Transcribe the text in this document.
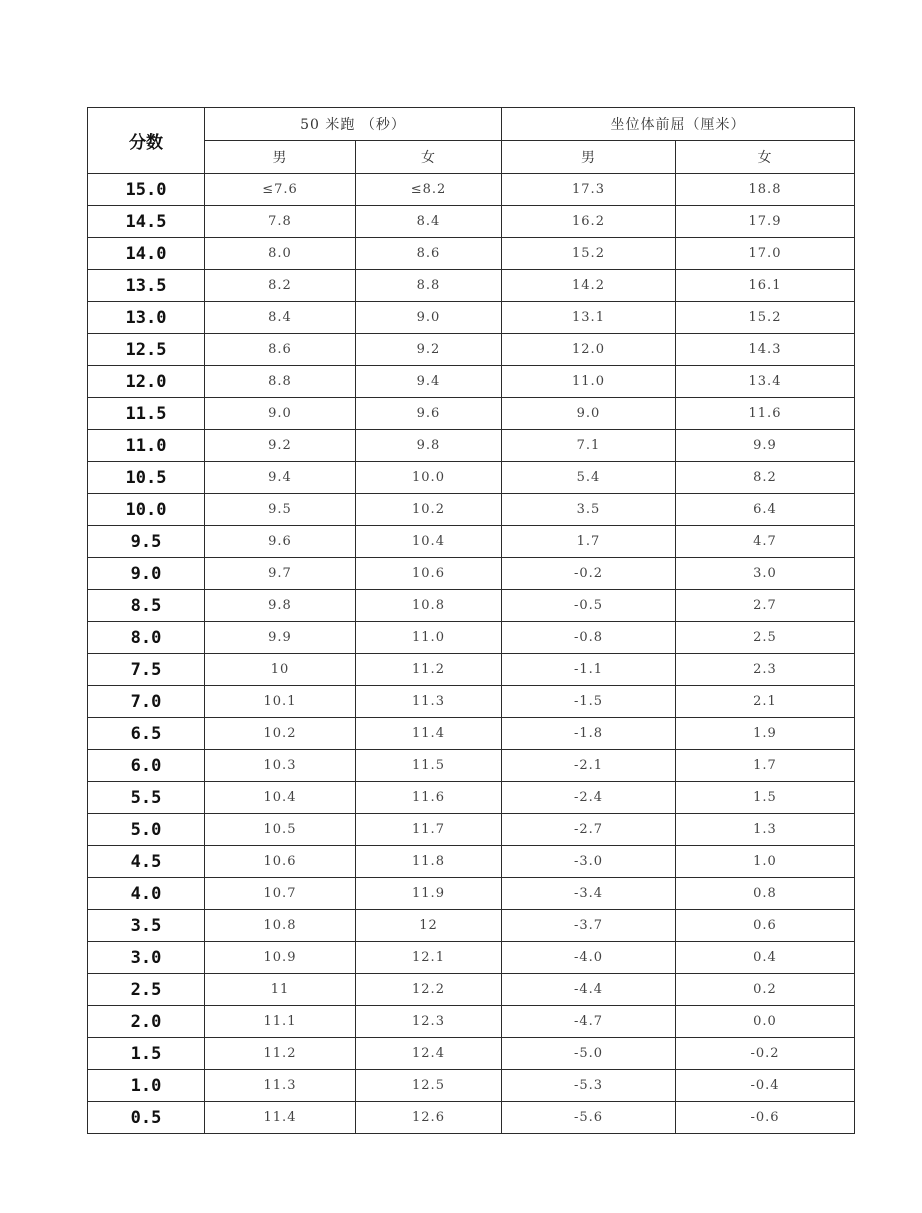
分数	50 米跑 （秒）		坐位体前屈（厘米）	
	男	女	男	女
15.0	≤7.6	≤8.2	17.3	18.8
14.5	7.8	8.4	16.2	17.9
14.0	8.0	8.6	15.2	17.0
13.5	8.2	8.8	14.2	16.1
13.0	8.4	9.0	13.1	15.2
12.5	8.6	9.2	12.0	14.3
12.0	8.8	9.4	11.0	13.4
11.5	9.0	9.6	9.0	11.6
11.0	9.2	9.8	7.1	9.9
10.5	9.4	10.0	5.4	8.2
10.0	9.5	10.2	3.5	6.4
9.5	9.6	10.4	1.7	4.7
9.0	9.7	10.6	-0.2	3.0
8.5	9.8	10.8	-0.5	2.7
8.0	9.9	11.0	-0.8	2.5
7.5	10	11.2	-1.1	2.3
7.0	10.1	11.3	-1.5	2.1
6.5	10.2	11.4	-1.8	1.9
6.0	10.3	11.5	-2.1	1.7
5.5	10.4	11.6	-2.4	1.5
5.0	10.5	11.7	-2.7	1.3
4.5	10.6	11.8	-3.0	1.0
4.0	10.7	11.9	-3.4	0.8
3.5	10.8	12	-3.7	0.6
3.0	10.9	12.1	-4.0	0.4
2.5	11	12.2	-4.4	0.2
2.0	11.1	12.3	-4.7	0.0
1.5	11.2	12.4	-5.0	-0.2
1.0	11.3	12.5	-5.3	-0.4
0.5	11.4	12.6	-5.6	-0.6
